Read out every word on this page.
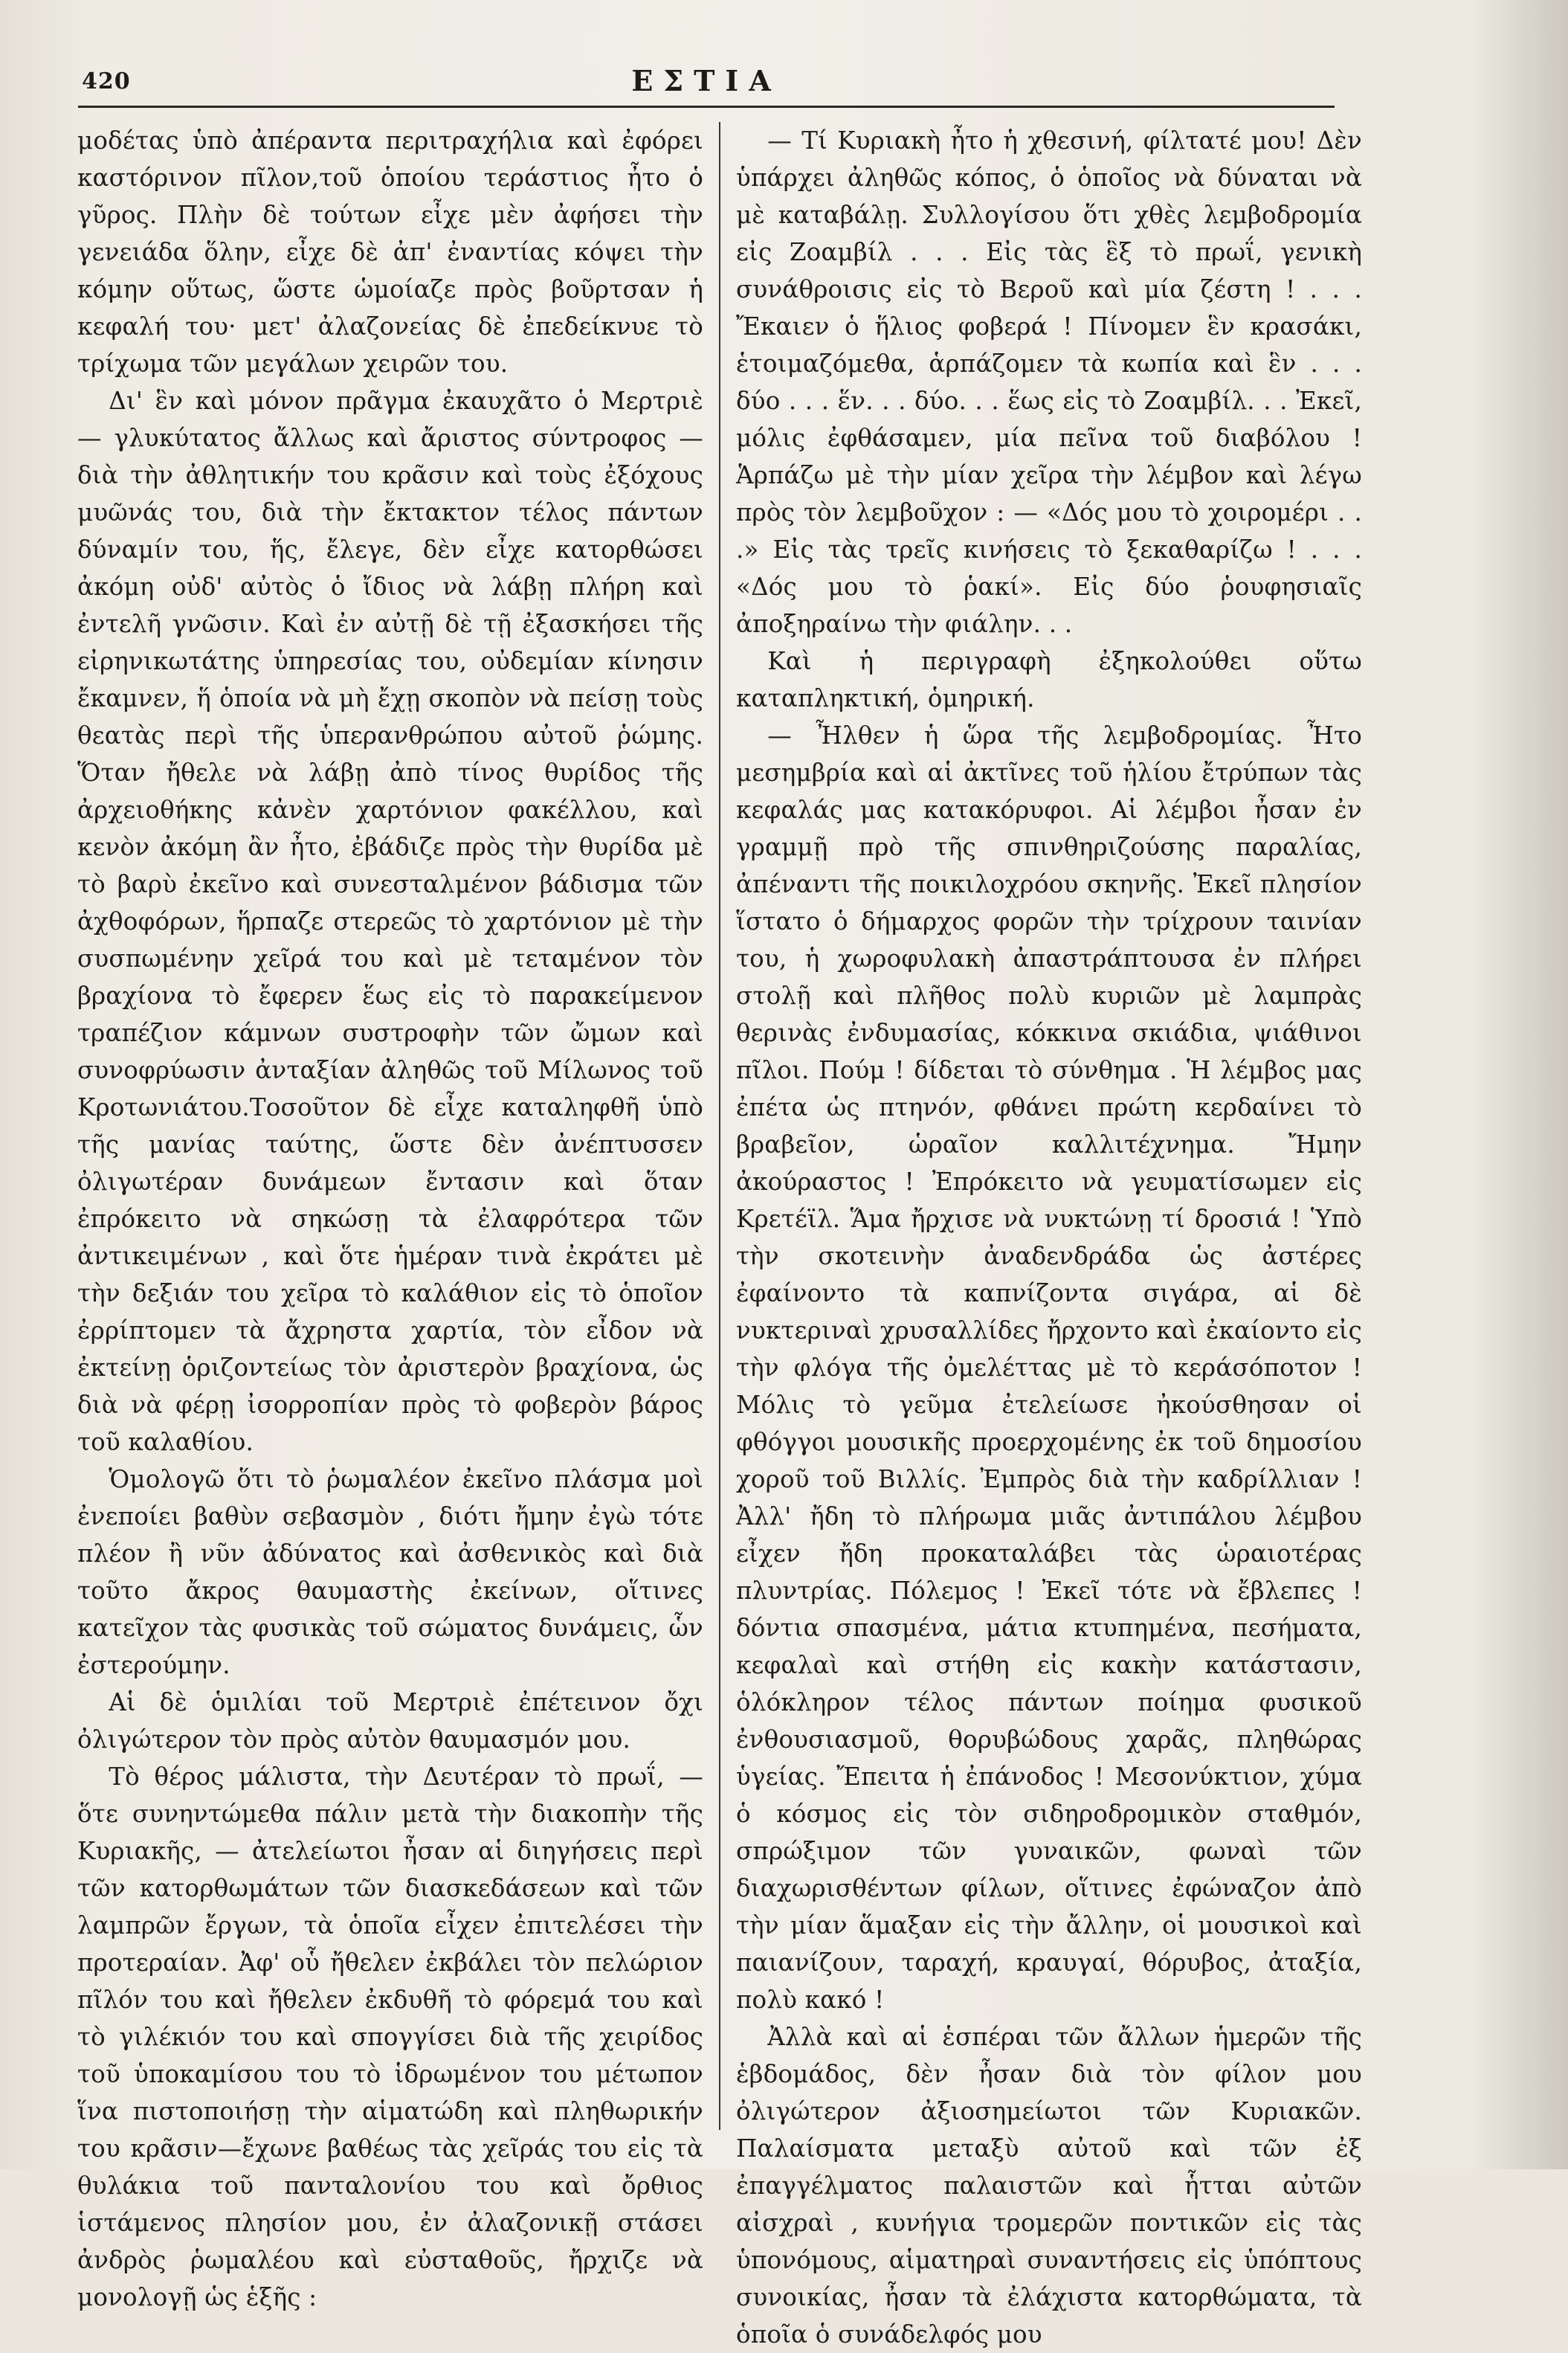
420	ΕΣΤΙΑ

μοδέτας ὑπὸ ἀπέραντα περιτραχήλια καὶ ἐφόρει καστόρινον πῖλον,τοῦ ὁποίου τεράστιος ἦτο ὁ γῦρος. Πλὴν δὲ τούτων εἶχε μὲν ἀφήσει τὴν γενειάδα ὅλην, εἶχε δὲ ἀπ' ἐναντίας κόψει τὴν κόμην οὕτως, ὥστε ὡμοίαζε πρὸς βοῦρτσαν ἡ κεφαλή του· μετ' ἀλαζονείας δὲ ἐπεδείκνυε τὸ τρίχωμα τῶν μεγάλων χειρῶν του.

Δι' ἓν καὶ μόνον πρᾶγμα ἐκαυχᾶτο ὁ Μερτριὲ — γλυκύτατος ἄλλως καὶ ἄριστος σύντροφος — διὰ τὴν ἀθλητικήν του κρᾶσιν καὶ τοὺς ἐξόχους μυῶνάς του, διὰ τὴν ἔκτακτον τέλος πάντων δύναμίν του, ἥς, ἔλεγε, δὲν εἶχε κατορθώσει ἀκόμη οὐδ' αὐτὸς ὁ ἴδιος νὰ λάβῃ πλήρη καὶ ἐντελῆ γνῶσιν. Καὶ ἐν αὐτῇ δὲ τῇ ἐξασκήσει τῆς εἰρηνικωτάτης ὑπηρεσίας του, οὐδεμίαν κίνησιν ἔκαμνεν, ἥ ὁποία νὰ μὴ ἔχῃ σκοπὸν νὰ πείσῃ τοὺς θεατὰς περὶ τῆς ὑπερανθρώπου αὐτοῦ ῥώμης. Ὅταν ἤθελε νὰ λάβῃ ἀπὸ τίνος θυρίδος τῆς ἀρχειοθήκης κἀνὲν χαρτόνιον φακέλλου, καὶ κενὸν ἀκόμη ἂν ἦτο, ἐβάδιζε πρὸς τὴν θυρίδα μὲ τὸ βαρὺ ἐκεῖνο καὶ συνεσταλμένον βάδισμα τῶν ἀχθοφόρων, ἥρπαζε στερεῶς τὸ χαρτόνιον μὲ τὴν συσπωμένην χεῖρά του καὶ μὲ τεταμένον τὸν βραχίονα τὸ ἔφερεν ἕως εἰς τὸ παρακείμενον τραπέζιον κάμνων συστροφὴν τῶν ὤμων καὶ συνοφρύωσιν ἀνταξίαν ἀληθῶς τοῦ Μίλωνος τοῦ Κροτωνιάτου.Τοσοῦτον δὲ εἶχε καταληφθῆ ὑπὸ τῆς μανίας ταύτης, ὥστε δὲν ἀνέπτυσσεν ὀλιγωτέραν δυνάμεων ἔντασιν καὶ ὅταν ἐπρόκειτο νὰ σηκώσῃ τὰ ἐλαφρότερα τῶν ἀντικειμένων , καὶ ὅτε ἡμέραν τινὰ ἐκράτει μὲ τὴν δεξιάν του χεῖρα τὸ καλάθιον εἰς τὸ ὁποῖον ἐρρίπτομεν τὰ ἄχρηστα χαρτία, τὸν εἶδον νὰ ἐκτείνῃ ὁριζοντείως τὸν ἀριστερὸν βραχίονα, ὡς διὰ νὰ φέρῃ ἰσορροπίαν πρὸς τὸ φοβερὸν βάρος τοῦ καλαθίου.

Ὁμολογῶ ὅτι τὸ ῥωμαλέον ἐκεῖνο πλάσμα μοὶ ἐνεποίει βαθὺν σεβασμὸν , διότι ἤμην ἐγὼ τότε πλέον ἢ νῦν ἀδύνατος καὶ ἀσθενικὸς καὶ διὰ τοῦτο ἄκρος θαυμαστὴς ἐκείνων, οἵτινες κατεῖχον τὰς φυσικὰς τοῦ σώματος δυνάμεις, ὧν ἐστερούμην.

Αἱ δὲ ὁμιλίαι τοῦ Μερτριὲ ἐπέτεινον ὄχι ὀλιγώτερον τὸν πρὸς αὐτὸν θαυμασμόν μου.

Τὸ θέρος μάλιστα, τὴν Δευτέραν τὸ πρωΐ, — ὅτε συνηντώμεθα πάλιν μετὰ τὴν διακοπὴν τῆς Κυριακῆς, — ἀτελείωτοι ἦσαν αἱ διηγήσεις περὶ τῶν κατορθωμάτων τῶν διασκεδάσεων καὶ τῶν λαμπρῶν ἔργων, τὰ ὁποῖα εἶχεν ἐπιτελέσει τὴν προτεραίαν. Ἀφ' οὗ ἤθελεν ἐκβάλει τὸν πελώριον πῖλόν του καὶ ἤθελεν ἐκδυθῆ τὸ φόρεμά του καὶ τὸ γιλέκιόν του καὶ σπογγίσει διὰ τῆς χειρίδος τοῦ ὑποκαμίσου του τὸ ἱδρωμένον του μέτωπον ἵνα πιστοποιήσῃ τὴν αἱματώδη καὶ πληθωρικήν του κρᾶσιν—ἔχωνε βαθέως τὰς χεῖράς του εἰς τὰ θυλάκια τοῦ πανταλονίου του καὶ ὄρθιος ἱστάμενος πλησίον μου, ἐν ἀλαζονικῇ στάσει ἀνδρὸς ῥωμαλέου καὶ εὐσταθοῦς, ἤρχιζε νὰ μονολογῇ ὡς ἑξῆς :

— Τί Κυριακὴ ἦτο ἡ χθεσινή, φίλτατέ μου! Δὲν ὑπάρχει ἀληθῶς κόπος, ὁ ὁποῖος νὰ δύναται νὰ μὲ καταβάλῃ. Συλλογίσου ὅτι χθὲς λεμβοδρομία εἰς Ζοαμβίλ . . . Εἰς τὰς ἓξ τὸ πρωΐ, γενικὴ συνάθροισις εἰς τὸ Βεροῦ καὶ μία ζέστη ! . . . Ἔκαιεν ὁ ἥλιος φοβερά ! Πίνομεν ἓν κρασάκι, ἑτοιμαζόμεθα, ἁρπάζομεν τὰ κωπία καὶ ἓν . . . δύο . . . ἕν. . . δύο. . . ἕως εἰς τὸ Ζοαμβίλ. . . Ἐκεῖ, μόλις ἐφθάσαμεν, μία πεῖνα τοῦ διαβόλου ! Ἁρπάζω μὲ τὴν μίαν χεῖρα τὴν λέμβον καὶ λέγω πρὸς τὸν λεμβοῦχον : — «Δός μου τὸ χοιρομέρι . . .» Εἰς τὰς τρεῖς κινήσεις τὸ ξεκαθαρίζω ! . . . «Δός μου τὸ ῥακί». Εἰς δύο ῥουφησιαῖς ἀποξηραίνω τὴν φιάλην. . .

Καὶ ἡ περιγραφὴ ἐξηκολούθει οὕτω καταπληκτική, ὁμηρική.

— Ἦλθεν ἡ ὥρα τῆς λεμβοδρομίας. Ἦτο μεσημβρία καὶ αἱ ἀκτῖνες τοῦ ἡλίου ἔτρύπων τὰς κεφαλάς μας κατακόρυφοι. Αἱ λέμβοι ἦσαν ἐν γραμμῇ πρὸ τῆς σπινθηριζούσης παραλίας, ἀπέναντι τῆς ποικιλοχρόου σκηνῆς. Ἐκεῖ πλησίον ἵστατο ὁ δήμαρχος φορῶν τὴν τρίχρουν ταινίαν του, ἡ χωροφυλακὴ ἀπαστράπτουσα ἐν πλήρει στολῇ καὶ πλῆθος πολὺ κυριῶν μὲ λαμπρὰς θερινὰς ἐνδυμασίας, κόκκινα σκιάδια, ψιάθινοι πῖλοι. Πούμ ! δίδεται τὸ σύνθημα . Ἡ λέμβος μας ἐπέτα ὡς πτηνόν, φθάνει πρώτη κερδαίνει τὸ βραβεῖον, ὡραῖον καλλιτέχνημα. Ἤμην ἀκούραστος ! Ἐπρόκειτο νὰ γευματίσωμεν εἰς Κρετέϊλ. Ἅμα ἤρχισε νὰ νυκτώνῃ τί δροσιά ! Ὑπὸ τὴν σκοτεινὴν ἀναδενδράδα ὡς ἀστέρες ἐφαίνοντο τὰ καπνίζοντα σιγάρα, αἱ δὲ νυκτεριναὶ χρυσαλλίδες ἤρχοντο καὶ ἐκαίοντο εἰς τὴν φλόγα τῆς ὀμελέττας μὲ τὸ κεράσόποτον ! Μόλις τὸ γεῦμα ἐτελείωσε ἠκούσθησαν οἱ φθόγγοι μουσικῆς προερχομένης ἐκ τοῦ δημοσίου χοροῦ τοῦ Βιλλίς. Ἐμπρὸς διὰ τὴν καδρίλλιαν ! Ἀλλ' ἤδη τὸ πλήρωμα μιᾶς ἀντιπάλου λέμβου εἶχεν ἤδη προκαταλάβει τὰς ὡραιοτέρας πλυντρίας. Πόλεμος ! Ἐκεῖ τότε νὰ ἔβλεπες ! δόντια σπασμένα, μάτια κτυπημένα, πεσήματα, κεφαλαὶ καὶ στήθη εἰς κακὴν κατάστασιν, ὁλόκληρον τέλος πάντων ποίημα φυσικοῦ ἐνθουσιασμοῦ, θορυβώδους χαρᾶς, πληθώρας ὑγείας. Ἔπειτα ἡ ἐπάνοδος ! Μεσονύκτιον, χύμα ὁ κόσμος εἰς τὸν σιδηροδρομικὸν σταθμόν, σπρώξιμον τῶν γυναικῶν, φωναὶ τῶν διαχωρισθέντων φίλων, οἵτινες ἐφώναζον ἀπὸ τὴν μίαν ἅμαξαν εἰς τὴν ἄλλην, οἱ μουσικοὶ καὶ παιανίζουν, ταραχή, κραυγαί, θόρυβος, ἀταξία, πολὺ κακό !

Ἀλλὰ καὶ αἱ ἑσπέραι τῶν ἄλλων ἡμερῶν τῆς ἑβδομάδος, δὲν ἦσαν διὰ τὸν φίλον μου ὀλιγώτερον ἀξιοσημείωτοι τῶν Κυριακῶν. Παλαίσματα μεταξὺ αὐτοῦ καὶ τῶν ἐξ ἐπαγγέλματος παλαιστῶν καὶ ἧτται αὐτῶν αἰσχραὶ , κυνήγια τρομερῶν ποντικῶν εἰς τὰς ὑπονόμους, αἱματηραὶ συναντήσεις εἰς ὑπόπτους συνοικίας, ἦσαν τὰ ἐλάχιστα κατορθώματα, τὰ ὁποῖα ὁ συνάδελφός μου
